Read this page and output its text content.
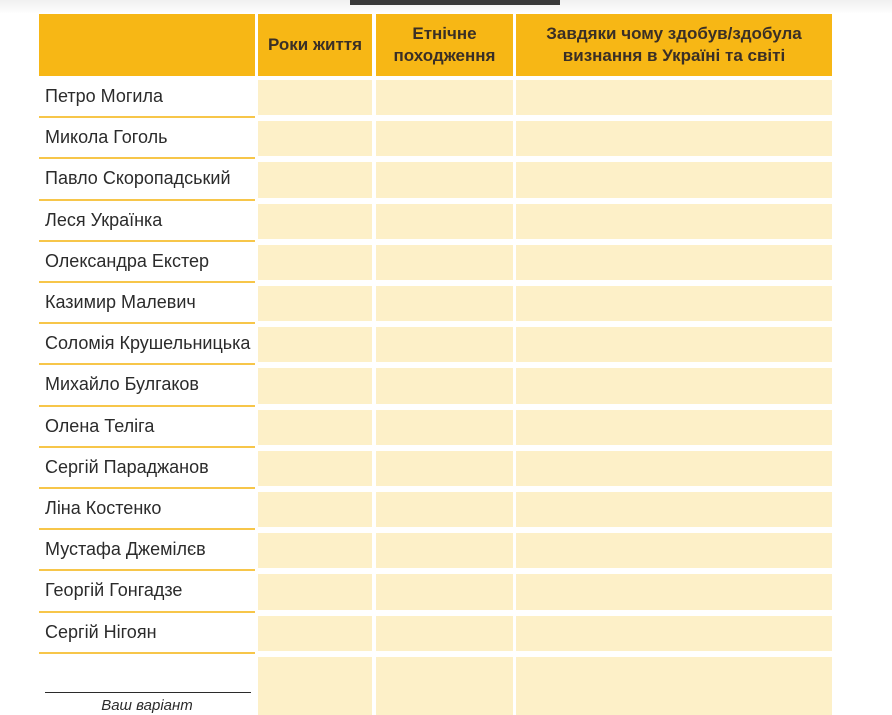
Роки життя
Етнічне походження
Завдяки чому здобув/здобула визнання в Україні та світі
Петро Могила
Микола Гоголь
Павло Скоропадський
Леся Українка
Олександра Екстер
Казимир Малевич
Соломія Крушельницька
Михайло Булгаков
Олена Теліга
Сергій Параджанов
Ліна Костенко
Мустафа Джемілєв
Георгій Гонгадзе
Сергій Нігоян
Ваш варіант
